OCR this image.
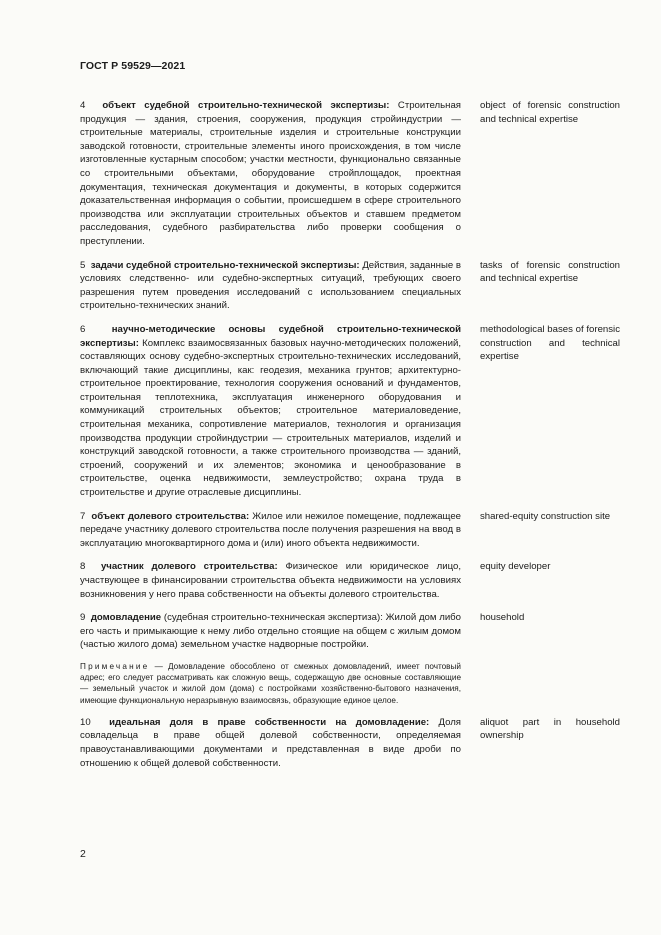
ГОСТ Р 59529—2021
4 объект судебной строительно-технической экспертизы: Строительная продукция — здания, строения, сооружения, продукция стройиндустрии — строительные материалы, строительные изделия и строительные конструкции заводской готовности, строительные элементы иного происхождения, в том числе изготовленные кустарным способом; участки местности, функционально связанные со строительными объектами, оборудование стройплощадок, проектная документация, техническая документация и документы, в которых содержится доказательственная информация о событии, происшедшем в сфере строительного производства или эксплуатации строительных объектов и ставшем предметом расследования, судебного разбирательства либо проверки сообщения о преступлении.
object of forensic construction and technical expertise
5 задачи судебной строительно-технической экспертизы: Действия, заданные в условиях следственно- или судебно-экспертных ситуаций, требующих своего разрешения путем проведения исследований с использованием специальных строительно-технических знаний.
tasks of forensic construction and technical expertise
6	научно-методические основы судебной строительно-технической экспертизы: Комплекс взаимосвязанных базовых научно-методических положений, составляющих основу судебно-экспертных строительно-технических исследований, включающий такие дисциплины, как: геодезия, механика грунтов; архитектурно-строительное проектирование, технология сооружения оснований и фундаментов, строительная теплотехника, эксплуатация инженерного оборудования и коммуникаций строительных объектов; строительное материаловедение, строительная механика, сопротивление материалов, технология и организация производства продукции стройиндустрии — строительных материалов, изделий и конструкций заводской готовности, а также строительного производства — зданий, строений, сооружений и их элементов; экономика и ценообразование в строительстве, оценка недвижимости, землеустройство; охрана труда в строительстве и другие отраслевые дисциплины.
methodological bases of forensic construction and technical expertise
7 объект долевого строительства: Жилое или нежилое помещение, подлежащее передаче участнику долевого строительства после получения разрешения на ввод в эксплуатацию многоквартирного дома и (или) иного объекта недвижимости.
shared-equity construction site
8 участник долевого строительства: Физическое или юридическое лицо, участвующее в финансировании строительства объекта недвижимости на условиях возникновения у него права собственности на объекты долевого строительства.
equity developer
9 домовладение (судебная строительно-техническая экспертиза): Жилой дом либо его часть и примыкающие к нему либо отдельно стоящие на общем с жилым домом (частью жилого дома) земельном участке надворные постройки.
Примечание — Домовладение обособлено от смежных домовладений, имеет почтовый адрес; его следует рассматривать как сложную вещь, содержащую две основные составляющие — земельный участок и жилой дом (дома) с постройками хозяйственно-бытового назначения, имеющие функциональную неразрывную взаимосвязь, образующие единое целое.
household
10 идеальная доля в праве собственности на домовладение: Доля совладельца в праве общей долевой собственности, определяемая правоустанавливающими документами и представленная в виде дроби по отношению к общей долевой собственности.
aliquot part in household ownership
2
